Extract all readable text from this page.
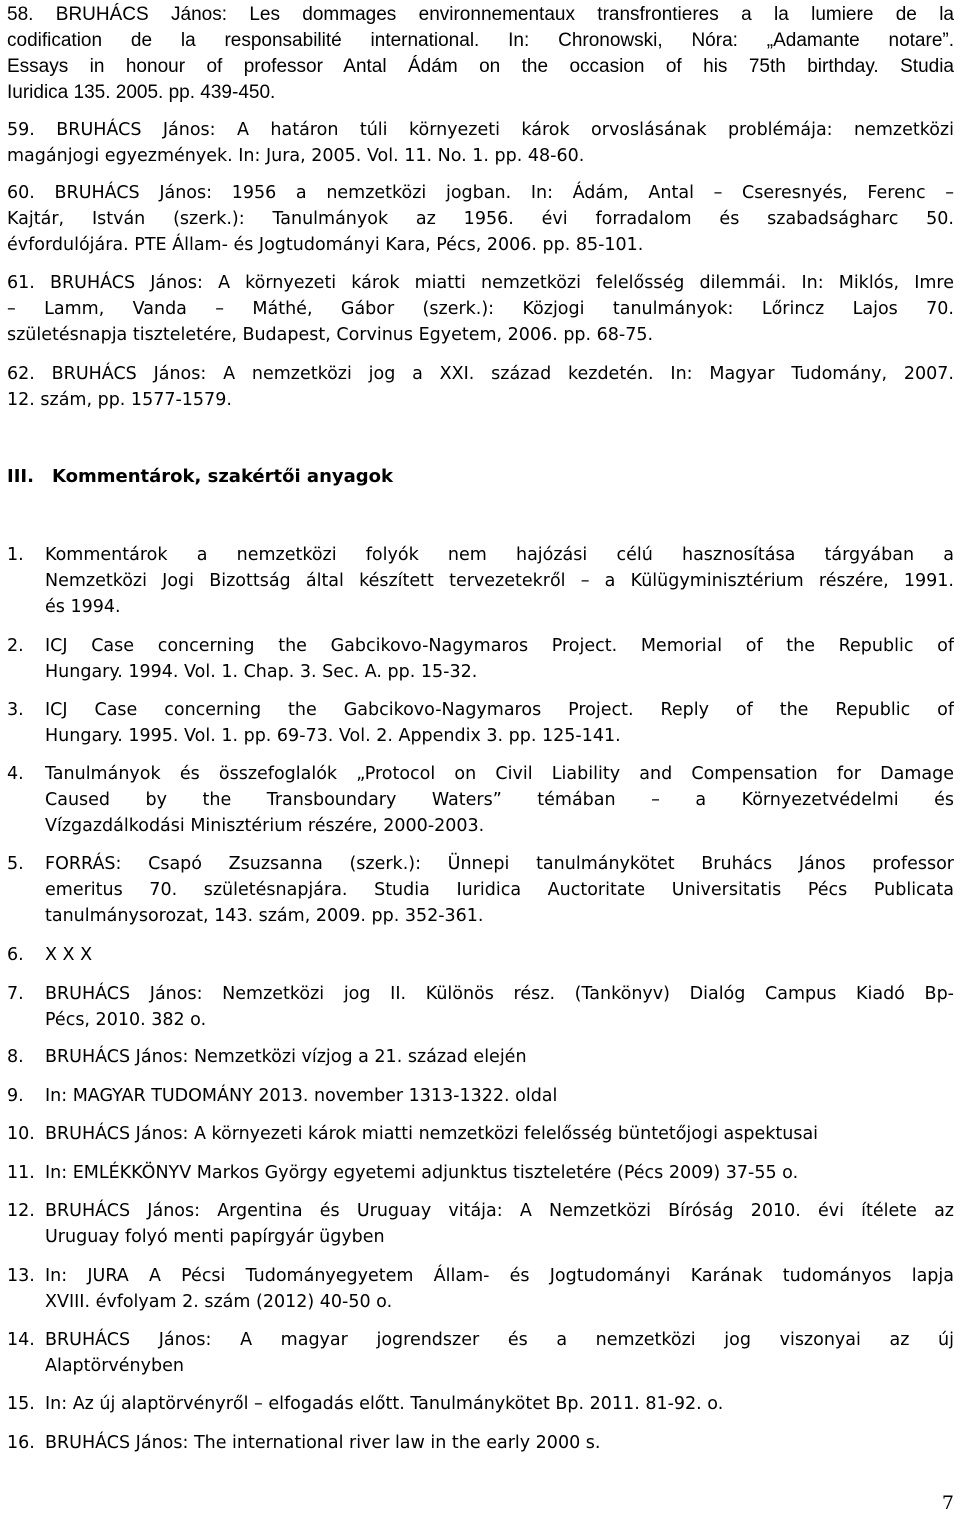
58. BRUHÁCS János: Les dommages environnementaux transfrontieres a la lumiere de la
codification de la responsabilité international. In: Chronowski, Nóra: „Adamante notare”.
Essays in honour of professor Antal Ádám on the occasion of his 75th birthday. Studia
Iuridica 135. 2005. pp. 439-450.
59. BRUHÁCS János: A határon túli környezeti károk orvoslásának problémája: nemzetközi
magánjogi egyezmények. In: Jura, 2005. Vol. 11. No. 1. pp. 48-60.
60. BRUHÁCS János: 1956 a nemzetközi jogban. In: Ádám, Antal – Cseresnyés, Ferenc –
Kajtár, István (szerk.): Tanulmányok az 1956. évi forradalom és szabadságharc 50.
évfordulójára. PTE Állam- és Jogtudományi Kara, Pécs, 2006. pp. 85-101.
61. BRUHÁCS János: A környezeti károk miatti nemzetközi felelősség dilemmái. In: Miklós, Imre
– Lamm, Vanda – Máthé, Gábor (szerk.): Közjogi tanulmányok: Lőrincz Lajos 70.
születésnapja tiszteletére, Budapest, Corvinus Egyetem, 2006. pp. 68-75.
62. BRUHÁCS János: A nemzetközi jog a XXI. század kezdetén. In: Magyar Tudomány, 2007.
12. szám, pp. 1577-1579.
III. Kommentárok, szakértői anyagok
1. Kommentárok a nemzetközi folyók nem hajózási célú hasznosítása tárgyában a
Nemzetközi Jogi Bizottság által készített tervezetekről – a Külügyminisztérium részére, 1991.
és 1994.
2. ICJ Case concerning the Gabcikovo-Nagymaros Project. Memorial of the Republic of
Hungary. 1994. Vol. 1. Chap. 3. Sec. A. pp. 15-32.
3. ICJ Case concerning the Gabcikovo-Nagymaros Project. Reply of the Republic of
Hungary. 1995. Vol. 1. pp. 69-73. Vol. 2. Appendix 3. pp. 125-141.
4. Tanulmányok és összefoglalók „Protocol on Civil Liability and Compensation for Damage
Caused by the Transboundary Waters” témában – a Környezetvédelmi és
Vízgazdálkodási Minisztérium részére, 2000-2003.
5. FORRÁS: Csapó Zsuzsanna (szerk.): Ünnepi tanulmánykötet Bruhács János professor
emeritus 70. születésnapjára. Studia Iuridica Auctoritate Universitatis Pécs Publicata
tanulmánysorozat, 143. szám, 2009. pp. 352-361.
6. X X X
7. BRUHÁCS János: Nemzetközi jog II. Különös rész. (Tankönyv) Dialóg Campus Kiadó Bp-
Pécs, 2010. 382 o.
8. BRUHÁCS János: Nemzetközi vízjog a 21. század elején
9. In: MAGYAR TUDOMÁNY 2013. november 1313-1322. oldal
10. BRUHÁCS János: A környezeti károk miatti nemzetközi felelősség büntetőjogi aspektusai
11. In: EMLÉKKÖNYV Markos György egyetemi adjunktus tiszteletére (Pécs 2009) 37-55 o.
12. BRUHÁCS János: Argentina és Uruguay vitája: A Nemzetközi Bíróság 2010. évi ítélete az
Uruguay folyó menti papírgyár ügyben
13. In: JURA A Pécsi Tudományegyetem Állam- és Jogtudományi Karának tudományos lapja
XVIII. évfolyam 2. szám (2012) 40-50 o.
14. BRUHÁCS János: A magyar jogrendszer és a nemzetközi jog viszonyai az új
Alaptörvényben
15. In: Az új alaptörvényről – elfogadás előtt. Tanulmánykötet Bp. 2011. 81-92. o.
16. BRUHÁCS János: The international river law in the early 2000 s.
7
